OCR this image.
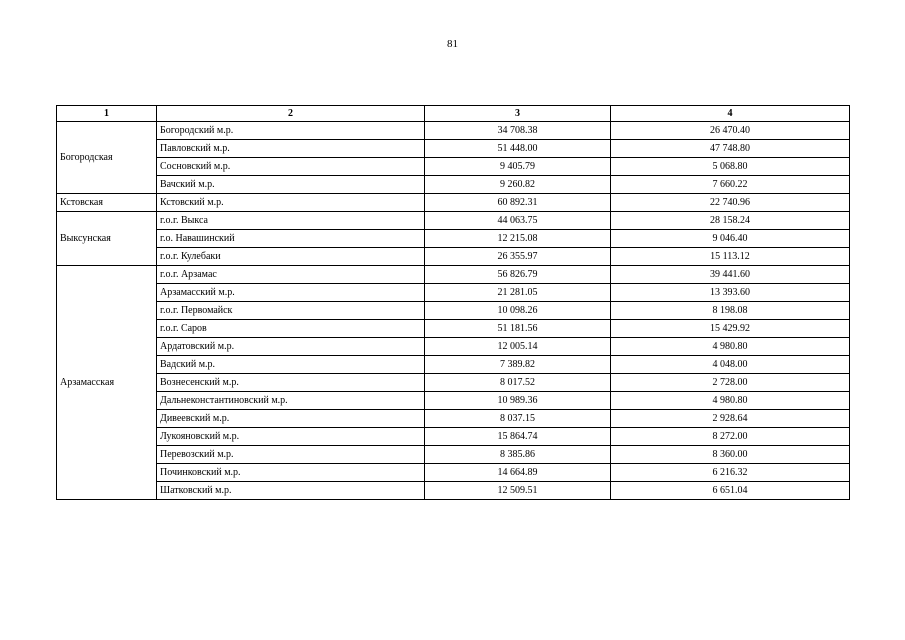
81
1	2	3	4
Богородская	Богородский м.р.	34 708.38	26 470.40
	Павловский м.р.	51 448.00	47 748.80
	Сосновский м.р.	9 405.79	5 068.80
	Вачский м.р.	9 260.82	7 660.22
Кстовская	Кстовский м.р.	60 892.31	22 740.96
Выксунская	г.о.г. Выкса	44 063.75	28 158.24
	г.о. Навашинский	12 215.08	9 046.40
	г.о.г. Кулебаки	26 355.97	15 113.12
Арзамасская	г.о.г. Арзамас	56 826.79	39 441.60
	Арзамасский м.р.	21 281.05	13 393.60
	г.о.г. Первомайск	10 098.26	8 198.08
	г.о.г. Саров	51 181.56	15 429.92
	Ардатовский м.р.	12 005.14	4 980.80
	Вадский м.р.	7 389.82	4 048.00
	Вознесенский м.р.	8 017.52	2 728.00
	Дальнеконстантиновский м.р.	10 989.36	4 980.80
	Дивеевский м.р.	8 037.15	2 928.64
	Лукояновский м.р.	15 864.74	8 272.00
	Перевозский м.р.	8 385.86	8 360.00
	Починковский м.р.	14 664.89	6 216.32
	Шатковский м.р.	12 509.51	6 651.04
